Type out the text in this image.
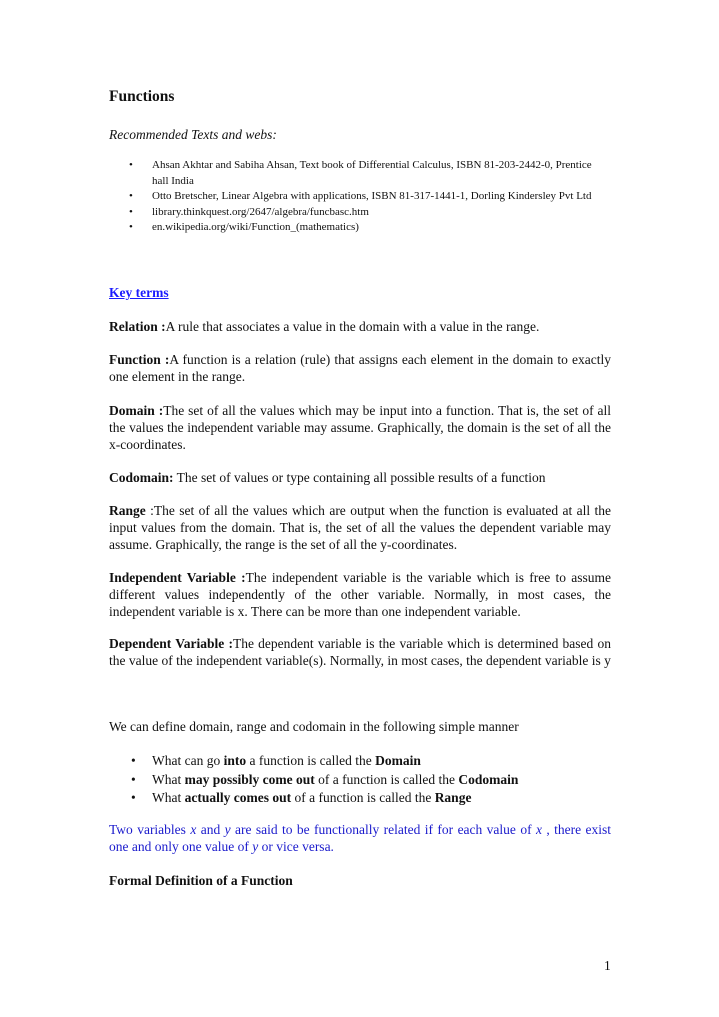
Functions
Recommended Texts and webs:
• Ahsan Akhtar and Sabiha Ahsan, Text book of Differential Calculus, ISBN 81-203-2442-0, Prentice hall India
• Otto Bretscher, Linear Algebra with applications, ISBN 81-317-1441-1, Dorling Kindersley Pvt Ltd
• library.thinkquest.org/2647/algebra/funcbasc.htm
• en.wikipedia.org/wiki/Function_(mathematics)
Key terms
Relation :A rule that associates a value in the domain with a value in the range.
Function :A function is a relation (rule) that assigns each element in the domain to exactly one element in the range.
Domain :The set of all the values which may be input into a function. That is, the set of all the values the independent variable may assume. Graphically, the domain is the set of all the x-coordinates.
Codomain: The set of values or type containing all possible results of a function
Range :The set of all the values which are output when the function is evaluated at all the input values from the domain. That is, the set of all the values the dependent variable may assume. Graphically, the range is the set of all the y-coordinates.
Independent Variable :The independent variable is the variable which is free to assume different values independently of the other variable. Normally, in most cases, the independent variable is x. There can be more than one independent variable.
Dependent Variable :The dependent variable is the variable which is determined based on the value of the independent variable(s). Normally, in most cases, the dependent variable is y
We can define domain, range and codomain in the following simple manner
• What can go into a function is called the Domain
• What may possibly come out of a function is called the Codomain
• What actually comes out of a function is called the Range
Two variables x and y are said to be functionally related if for each value of x , there exist one and only one value of y or vice versa.
Formal Definition of a Function
1
